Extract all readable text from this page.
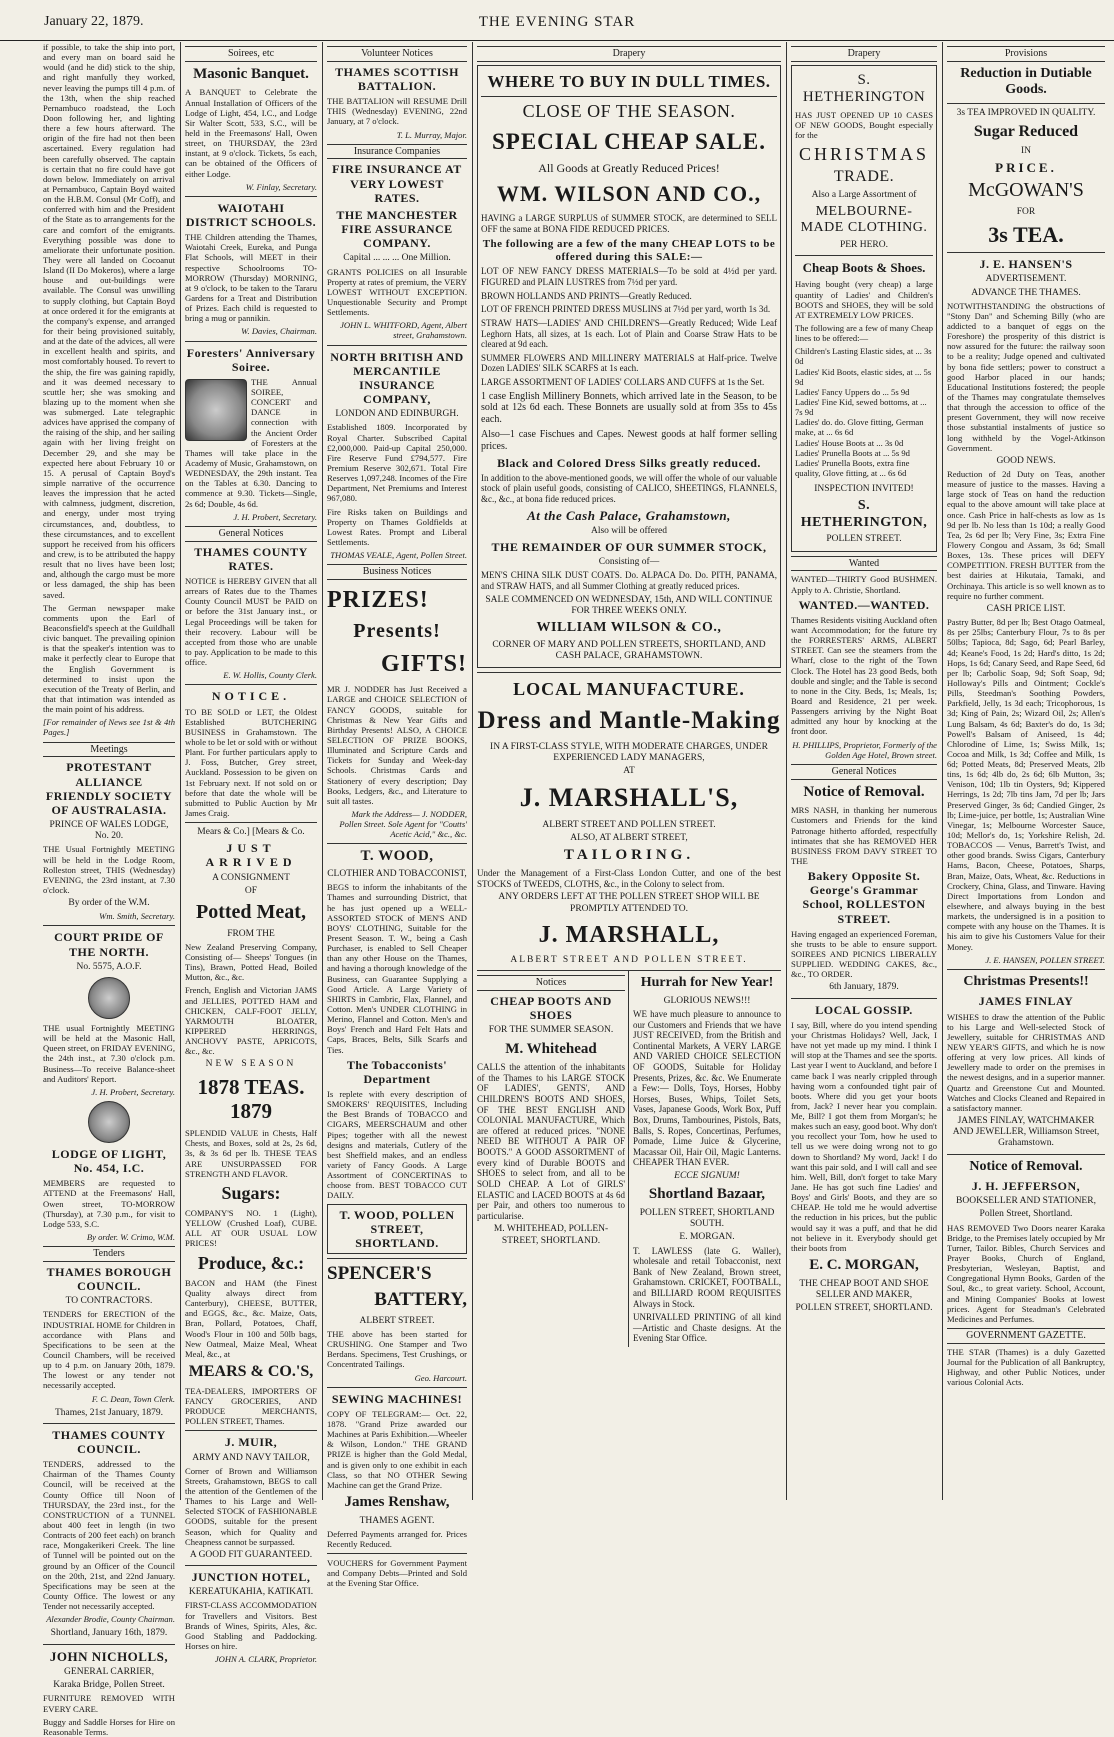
January 22, 1879.	THE EVENING STAR

if possible, to take the ship into port, and every man on board said he would (and he did) stick to the ship, and right manfully they worked, never leaving the pumps till 4 p.m. of the 13th, when the ship reached Pernambuco roadstead, the Loch Doon following her, and lighting there a few hours afterward. The origin of the fire had not then been ascertained. Every regulation had been carefully observed. The captain is certain that no fire could have got down below. Immediately on arrival at Pernambuco, Captain Boyd waited on the H.B.M. Consul (Mr Coff), and conferred with him and the President of the State as to arrangements for the care and comfort of the emigrants. Everything possible was done to ameliorate their unfortunate position. They were all landed on Cocoanut Island (II Do Mokeros), where a large house and out-buildings were available. The Consul was unwilling to supply clothing, but Captain Boyd at once ordered it for the emigrants at the company's expense, and arranged for their being provisioned suitably, and at the date of the advices, all were in excellent health and spirits, and most comfortably housed. To revert to the ship, the fire was gaining rapidly, and it was deemed necessary to scuttle her; she was smoking and blazing up to the moment when she was submerged. Late telegraphic advices have apprised the company of the raising of the ship, and her sailing again with her living freight on December 29, and she may be expected here about February 10 or 15. A perusal of Captain Boyd's simple narrative of the occurrence leaves the impression that he acted with calmness, judgment, discretion, and energy, under most trying circumstances, and, doubtless, to these circumstances, and to excellent support he received from his officers and crew, is to be attributed the happy result that no lives have been lost; and, although the cargo must be more or less damaged, the ship has been saved.

The German newspaper make comments upon the Earl of Beaconsfield's speech at the Guildhall civic banquet. The prevailing opinion is that the speaker's intention was to make it perfectly clear to Europe that the English Government is determined to insist upon the execution of the Treaty of Berlin, and that that intimation was intended as the main point of his address.

[For remainder of News see 1st & 4th Pages.]

Meetings
PROTESTANT ALLIANCE FRIENDLY SOCIETY OF AUSTRALASIA.
PRINCE OF WALES LODGE, No. 20.

THE Usual Fortnightly MEETING will be held in the Lodge Room, Rolleston street, THIS (Wednesday) EVENING, the 23rd instant, at 7.30 o'clock.

By order of the W.M.
Wm. Smith, Secretary.
COURT PRIDE OF THE NORTH.
No. 5575, A.O.F.

THE usual Fortnightly MEETING will be held at the Masonic Hall, Queen street, on FRIDAY EVENING, the 24th inst., at 7.30 o'clock p.m. Business—To receive Balance-sheet and Auditors' Report.

J. H. Probert, Secretary.
LODGE OF LIGHT, No. 454, I.C.

MEMBERS are requested to ATTEND at the Freemasons' Hall, Owen street, TO-MORROW (Thursday), at 7.30 p.m., for visit to Lodge 533, S.C.

By order. W. Crimo, W.M.
Tenders
THAMES BOROUGH COUNCIL.
TO CONTRACTORS.

TENDERS for ERECTION of the INDUSTRIAL HOME for Children in accordance with Plans and Specifications to be seen at the Council Chambers, will be received up to 4 p.m. on January 20th, 1879. The lowest or any tender not necessarily accepted.

F. C. Dean, Town Clerk.
Thames, 21st January, 1879.
THAMES COUNTY COUNCIL.

TENDERS, addressed to the Chairman of the Thames County Council, will be received at the County Office till Noon of THURSDAY, the 23rd inst., for the CONSTRUCTION of a TUNNEL about 400 feet in length (in two Contracts of 200 feet each) on branch race, Mongakerikeri Creek. The line of Tunnel will be pointed out on the ground by an Officer of the Council on the 20th, 21st, and 22nd January. Specifications may be seen at the County Office. The lowest or any Tender not necessarily accepted.

Alexander Brodie, County Chairman.
Shortland, January 16th, 1879.
JOHN NICHOLLS,
GENERAL CARRIER,
Karaka Bridge, Pollen Street.

FURNITURE REMOVED WITH EVERY CARE.

Buggy and Saddle Horses for Hire on Reasonable Terms.

Soirees, etc
Masonic Banquet.

A BANQUET to Celebrate the Annual Installation of Officers of the Lodge of Light, 454, I.C., and Lodge Sir Walter Scott, 533, S.C., will be held in the Freemasons' Hall, Owen street, on THURSDAY, the 23rd instant, at 9 o'clock. Tickets, 5s each, can be obtained of the Officers of either Lodge.

W. Finlay, Secretary.
WAIOTAHI DISTRICT SCHOOLS.

THE Children attending the Thames, Waiotahi Creek, Eureka, and Punga Flat Schools, will MEET in their respective Schoolrooms TO-MORROW (Thursday) MORNING, at 9 o'clock, to be taken to the Tararu Gardens for a Treat and Distribution of Prizes. Each child is requested to bring a mug or pannikin.

W. Davies, Chairman.
Foresters' Anniversary Soiree.

THE Annual SOIREE, CONCERT and DANCE in connection with the Ancient Order of Foresters at the Thames will take place in the Academy of Music, Grahamstown, on WEDNESDAY, the 29th instant. Tea on the Tables at 6.30. Dancing to commence at 9.30. Tickets—Single, 2s 6d; Double, 4s 6d.

J. H. Probert, Secretary.
General Notices
THAMES COUNTY RATES.

NOTICE is HEREBY GIVEN that all arrears of Rates due to the Thames County Council MUST be PAID on or before the 31st January inst., or Legal Proceedings will be taken for their recovery. Labour will be accepted from those who are unable to pay. Application to be made to this office.

E. W. Hollis, County Clerk.
NOTICE.

TO BE SOLD or LET, the Oldest Established BUTCHERING BUSINESS in Grahamstown. The whole to be let or sold with or without Plant. For further particulars apply to J. Foss, Butcher, Grey street, Auckland. Possession to be given on 1st February next. If not sold on or before that date the whole will be submitted to Public Auction by Mr James Craig.

Mears & Co.] [Mears & Co.
JUST ARRIVED
A CONSIGNMENT
OF
Potted Meat,
FROM THE

New Zealand Preserving Company, Consisting of— Sheeps' Tongues (in Tins), Brawn, Potted Head, Boiled Mutton, &c., &c.

French, English and Victorian JAMS and JELLIES, POTTED HAM and CHICKEN, CALF-FOOT JELLY, YARMOUTH BLOATER, KIPPERED HERRINGS, ANCHOVY PASTE, APRICOTS, &c., &c.

NEW SEASON
1878 TEAS. 1879

SPLENDID VALUE in Chests, Half Chests, and Boxes, sold at 2s, 2s 6d, 3s, & 3s 6d per lb. THESE TEAS ARE UNSURPASSED FOR STRENGTH AND FLAVOR.

Sugars:

COMPANY'S NO. 1 (Light), YELLOW (Crushed Loaf), CUBE. ALL AT OUR USUAL LOW PRICES!

Produce, &c.:

BACON and HAM (the Finest Quality always direct from Canterbury), CHEESE, BUTTER, and EGGS, &c., &c. Maize, Oats, Bran, Pollard, Potatoes, Chaff, Wood's Flour in 100 and 50lb bags, New Oatmeal, Maize Meal, Wheat Meal, &c., at

MEARS & CO.'S,

TEA-DEALERS, IMPORTERS OF FANCY GROCERIES, AND PRODUCE MERCHANTS, POLLEN STREET, Thames.

J. MUIR,
ARMY AND NAVY TAILOR,

Corner of Brown and Williamson Streets, Grahamstown, BEGS to call the attention of the Gentlemen of the Thames to his Large and Well-Selected STOCK of FASHIONABLE GOODS, suitable for the present Season, which for Quality and Cheapness cannot be surpassed.

A GOOD FIT GUARANTEED.
JUNCTION HOTEL,
KEREATUKAHIA, KATIKATI.

FIRST-CLASS ACCOMMODATION for Travellers and Visitors. Best Brands of Wines, Spirits, Ales, &c. Good Stabling and Paddocking. Horses on hire.

JOHN A. CLARK, Proprietor.
Volunteer Notices
THAMES SCOTTISH BATTALION.

THE BATTALION will RESUME Drill THIS (Wednesday) EVENING, 22nd January, at 7 o'clock.

T. L. Murray, Major.
Insurance Companies
FIRE INSURANCE AT VERY LOWEST RATES.
THE MANCHESTER FIRE ASSURANCE COMPANY.
Capital ... ... ... One Million.

GRANTS POLICIES on all Insurable Property at rates of premium, the VERY LOWEST WITHOUT EXCEPTION. Unquestionable Security and Prompt Settlements.

JOHN L. WHITFORD, Agent, Albert street, Grahamstown.
NORTH BRITISH AND MERCANTILE INSURANCE COMPANY,
LONDON AND EDINBURGH.

Established 1809. Incorporated by Royal Charter. Subscribed Capital £2,000,000. Paid-up Capital 250,000. Fire Reserve Fund £794,577. Fire Premium Reserve 302,671. Total Fire Reserves 1,097,248. Incomes of the Fire Department, Net Premiums and Interest 967,080.

Fire Risks taken on Buildings and Property on Thames Goldfields at Lowest Rates. Prompt and Liberal Settlements.

THOMAS VEALE, Agent, Pollen Street.
Business Notices
PRIZES!
Presents!
GIFTS!

MR J. NODDER has Just Received a LARGE and CHOICE SELECTION of FANCY GOODS, suitable for Christmas & New Year Gifts and Birthday Presents! ALSO, A CHOICE SELECTION OF PRIZE BOOKS, Illuminated and Scripture Cards and Tickets for Sunday and Week-day Schools. Christmas Cards and Stationery of every description; Day Books, Ledgers, &c., and Literature to suit all tastes.

Mark the Address— J. NODDER, Pollen Street. Sole Agent for "Coutts' Acetic Acid," &c., &c.
T. WOOD,
CLOTHIER AND TOBACCONIST,

BEGS to inform the inhabitants of the Thames and surrounding District, that he has just opened up a WELL-ASSORTED STOCK of MEN'S AND BOYS' CLOTHING, Suitable for the Present Season. T. W., being a Cash Purchaser, is enabled to Sell Cheaper than any other House on the Thames, and having a thorough knowledge of the Business, can Guarantee Supplying a Good Article. A Large Variety of SHIRTS in Cambric, Flax, Flannel, and Cotton. Men's UNDER CLOTHING in Merino, Flannel and Cotton. Men's and Boys' French and Hard Felt Hats and Caps, Braces, Belts, Silk Scarfs and Ties.

The Tobacconists' Department

Is replete with every description of SMOKERS' REQUISITES, Including the Best Brands of TOBACCO and CIGARS, MEERSCHAUM and other Pipes; together with all the newest designs and materials, Cutlery of the best Sheffield makes, and an endless variety of Fancy Goods. A Large Assortment of CONCERTINAS to choose from. BEST TOBACCO CUT DAILY.

T. WOOD, POLLEN STREET, SHORTLAND.
SPENCER'S
BATTERY,
ALBERT STREET.

THE above has been started for CRUSHING. One Stamper and Two Berdans. Specimens, Test Crushings, or Concentrated Tailings.

Geo. Harcourt.
SEWING MACHINES!

COPY OF TELEGRAM:— Oct. 22, 1878. "Grand Prize awarded our Machines at Paris Exhibition.—Wheeler & Wilson, London." THE GRAND PRIZE is higher than the Gold Medal, and is given only to one exhibit in each Class, so that NO OTHER Sewing Machine can get the Grand Prize.

James Renshaw,
THAMES AGENT.

Deferred Payments arranged for. Prices Recently Reduced.

VOUCHERS for Government Payment and Company Debts—Printed and Sold at the Evening Star Office.

Drapery
WHERE TO BUY IN DULL TIMES.
CLOSE OF THE SEASON.
SPECIAL CHEAP SALE.
All Goods at Greatly Reduced Prices!
WM. WILSON AND CO.,

HAVING a LARGE SURPLUS of SUMMER STOCK, are determined to SELL OFF the same at BONA FIDE REDUCED PRICES.

The following are a few of the many CHEAP LOTS to be offered during this SALE:—

LOT OF NEW FANCY DRESS MATERIALS—To be sold at 4½d per yard. FIGURED and PLAIN LUSTRES from 7½d per yard.

BROWN HOLLANDS AND PRINTS—Greatly Reduced.

LOT OF FRENCH PRINTED DRESS MUSLINS at 7½d per yard, worth 1s 3d.

STRAW HATS—LADIES' AND CHILDREN'S—Greatly Reduced; Wide Leaf Leghorn Hats, all sizes, at 1s each. Lot of Plain and Coarse Straw Hats to be cleared at 9d each.

SUMMER FLOWERS AND MILLINERY MATERIALS at Half-price. Twelve Dozen LADIES' SILK SCARFS at 1s each.

LARGE ASSORTMENT OF LADIES' COLLARS AND CUFFS at 1s the Set.

1 case English Millinery Bonnets, which arrived late in the Season, to be sold at 12s 6d each. These Bonnets are usually sold at from 35s to 45s each.

Also—1 case Fischues and Capes. Newest goods at half former selling prices.

Black and Colored Dress Silks greatly reduced.

In addition to the above-mentioned goods, we will offer the whole of our valuable stock of plain useful goods, consisting of CALICO, SHEETINGS, FLANNELS, &c., &c., at bona fide reduced prices.

At the Cash Palace, Grahamstown,
Also will be offered
THE REMAINDER OF OUR SUMMER STOCK,
Consisting of—

MEN'S CHINA SILK DUST COATS. Do. ALPACA Do. Do. PITH, PANAMA, and STRAW HATS, and all Summer Clothing at greatly reduced prices.

SALE COMMENCED ON WEDNESDAY, 15th, AND WILL CONTINUE FOR THREE WEEKS ONLY.
WILLIAM WILSON & CO.,
CORNER OF MARY AND POLLEN STREETS, SHORTLAND, AND CASH PALACE, GRAHAMSTOWN.
LOCAL MANUFACTURE.
Dress and Mantle-Making
IN A FIRST-CLASS STYLE, WITH MODERATE CHARGES, UNDER EXPERIENCED LADY MANAGERS,
AT
J. MARSHALL'S,
ALBERT STREET AND POLLEN STREET.
ALSO, AT ALBERT STREET,
TAILORING.

Under the Management of a First-Class London Cutter, and one of the best STOCKS of TWEEDS, CLOTHS, &c., in the Colony to select from.

ANY ORDERS LEFT AT THE POLLEN STREET SHOP WILL BE PROMPTLY ATTENDED TO.
J. MARSHALL,
ALBERT STREET AND POLLEN STREET.
Notices
CHEAP BOOTS AND SHOES
FOR THE SUMMER SEASON.
M. Whitehead

CALLS the attention of the inhabitants of the Thames to his LARGE STOCK OF LADIES', GENTS', AND CHILDREN'S BOOTS AND SHOES, OF THE BEST ENGLISH AND COLONIAL MANUFACTURE, Which are offered at reduced prices. "NONE NEED BE WITHOUT A PAIR OF BOOTS." A GOOD ASSORTMENT of every kind of Durable BOOTS and SHOES to select from, and all to be SOLD CHEAP. A Lot of GIRLS' ELASTIC and LACED BOOTS at 4s 6d per Pair, and others too numerous to particularise.

M. WHITEHEAD, POLLEN-STREET, SHORTLAND.
Hurrah for New Year!
GLORIOUS NEWS!!!

WE have much pleasure to announce to our Customers and Friends that we have JUST RECEIVED, from the British and Continental Markets, A VERY LARGE AND VARIED CHOICE SELECTION OF GOODS, Suitable for Holiday Presents, Prizes, &c. &c. We Enumerate a Few:— Dolls, Toys, Horses, Hobby Horses, Buses, Whips, Toilet Sets, Vases, Japanese Goods, Work Box, Puff Box, Drums, Tambourines, Pistols, Bats, Balls, S. Ropes, Concertinas, Perfumes, Pomade, Lime Juice & Glycerine, Macassar Oil, Hair Oil, Magic Lanterns. CHEAPER THAN EVER.

ECCE SIGNUM!
Shortland Bazaar,
POLLEN STREET, SHORTLAND SOUTH.
E. MORGAN.

T. LAWLESS (late G. Waller), wholesale and retail Tobacconist, next Bank of New Zealand, Brown street, Grahamstown. CRICKET, FOOTBALL, and BILLIARD ROOM REQUISITES Always in Stock.

UNRIVALLED PRINTING of all kind —Artistic and Chaste designs. At the Evening Star Office.

Drapery
S. HETHERINGTON

HAS JUST OPENED UP 10 CASES OF NEW GOODS, Bought especially for the

CHRISTMAS
TRADE.
Also a Large Assortment of
MELBOURNE-MADE CLOTHING.
PER HERO.
Cheap Boots & Shoes.

Having bought (very cheap) a large quantity of Ladies' and Children's BOOTS and SHOES, they will be sold AT EXTREMELY LOW PRICES.

The following are a few of many Cheap lines to be offered:—

Children's Lasting Elastic sides, at ... 3s 0d
Ladies' Kid Boots, elastic sides, at ... 5s 9d
Ladies' Fancy Uppers do ... 5s 9d
Ladies' Fine Kid, sewed bottoms, at ... 7s 9d
Ladies' do. do. Glove fitting, German make, at ... 6s 6d
Ladies' House Boots at ... 3s 0d
Ladies' Prunella Boots at ... 5s 9d
Ladies' Prunella Boots, extra fine quality, Glove fitting, at ... 6s 6d
INSPECTION INVITED!
S. HETHERINGTON,
POLLEN STREET.
Wanted

WANTED—THIRTY Good BUSHMEN. Apply to A. Christie, Shortland.

WANTED.—WANTED.

Thames Residents visiting Auckland often want Accommodation; for the future try the FORRESTERS' ARMS, ALBERT STREET. Can see the steamers from the Wharf, close to the right of the Town Clock. The Hotel has 23 good Beds, both double and single; and the Table is second to none in the City. Beds, 1s; Meals, 1s; Board and Residence, 21 per week. Passengers arriving by the Night Boat admitted any hour by knocking at the front door.

H. PHILLIPS, Proprietor, Formerly of the Golden Age Hotel, Brown street.
General Notices
Notice of Removal.

MRS NASH, in thanking her numerous Customers and Friends for the kind Patronage hitherto afforded, respectfully intimates that she has REMOVED HER BUSINESS FROM DAVY STREET TO THE

Bakery Opposite St. George's Grammar School, ROLLESTON STREET.

Having engaged an experienced Foreman, she trusts to be able to ensure support. SOIREES AND PICNICS LIBERALLY SUPPLIED. WEDDING CAKES, &c., &c., TO ORDER.

6th January, 1879.
LOCAL GOSSIP.

I say, Bill, where do you intend spending your Christmas Holidays? Well, Jack, I have not yet made up my mind. I think I will stop at the Thames and see the sports. Last year I went to Auckland, and before I came back I was nearly crippled through having worn a confounded tight pair of boots. Where did you get your boots from, Jack? I never hear you complain. Me, Bill? I got them from Morgan's; he makes such an easy, good boot. Why don't you recollect your Tom, how he used to tell us we were doing wrong not to go down to Shortland? My word, Jack! I do want this pair sold, and I will call and see him. Well, Bill, don't forget to take Mary Jane. He has got such fine Ladies' and Boys' and Girls' Boots, and they are so CHEAP. He told me he would advertise the reduction in his prices, but the public would say it was a puff, and that he did not believe in it. Everybody should get their boots from

E. C. MORGAN,
THE CHEAP BOOT AND SHOE SELLER AND MAKER,
POLLEN STREET, SHORTLAND.
Provisions
Reduction in Dutiable Goods.
3s TEA IMPROVED IN QUALITY.
Sugar Reduced
IN
PRICE.
McGOWAN'S
FOR
3s TEA.
J. E. HANSEN'S
ADVERTISEMENT.
ADVANCE THE THAMES.

NOTWITHSTANDING the obstructions of "Stony Dan" and Scheming Billy (who are addicted to a banquet of eggs on the Foreshore) the prosperity of this district is now assured for the future: the railway soon to be a reality; Judge opened and cultivated by bona fide settlers; power to construct a good Harbor placed in our hands; Educational Institutions fostered; the people of the Thames may congratulate themselves that through the accession to office of the present Government, they will now receive those substantial instalments of justice so long withheld by the Vogel-Atkinson Government.

GOOD NEWS.

Reduction of 2d Duty on Teas, another measure of justice to the masses. Having a large stock of Teas on hand the reduction equal to the above amount will take place at once. Cash Price in half-chests as low as 1s 9d per lb. No less than 1s 10d; a really Good Tea, 2s 6d per lb; Very Fine, 3s; Extra Fine Flowery Congou and Assam, 3s 6d; Small Boxes, 13s. These prices will DEFY COMPETITION. FRESH BUTTER from the best dairies at Hikutaia, Tamaki, and Orchinaya. This article is so well known as to require no further comment.

CASH PRICE LIST.

Pastry Butter, 8d per lb; Best Otago Oatmeal, 8s per 25lbs; Canterbury Flour, 7s to 8s per 50lbs; Tapioca, 8d; Sago, 6d; Pearl Barley, 4d; Keane's Food, 1s 2d; Hard's ditto, 1s 2d; Hops, 1s 6d; Canary Seed, and Rape Seed, 6d per lb; Carbolic Soap, 9d; Soft Soap, 9d; Holloway's Pills and Ointment; Cockle's Pills, Steedman's Soothing Powders, Parkfield, Jelly, 1s 3d each; Tricophorous, 1s 3d; King of Pain, 2s; Wizard Oil, 2s; Allen's Lung Balsam, 4s 6d; Baxter's do do, 1s 3d; Powell's Balsam of Aniseed, 1s 4d; Chlorodine of Lime, 1s; Swiss Milk, 1s; Cocoa and Milk, 1s 3d; Coffee and Milk, 1s 6d; Potted Meats, 8d; Preserved Meats, 2lb tins, 1s 6d; 4lb do, 2s 6d; 6lb Mutton, 3s; Venison, 10d; 1lb tin Oysters, 9d; Kippered Herrings, 1s 2d; 7lb tins Jam, 7d per lb; Jars Preserved Ginger, 3s 6d; Candied Ginger, 2s lb; Lime-juice, per bottle, 1s; Australian Wine Vinegar, 1s; Melbourne Worcester Sauce, 10d; Mellor's do, 1s; Yorkshire Relish, 2d. TOBACCOS — Venus, Barrett's Twist, and other good brands. Swiss Cigars, Canterbury Hams, Bacon, Cheese, Potatoes, Sharps, Bran, Maize, Oats, Wheat, &c. Reductions in Crockery, China, Glass, and Tinware. Having Direct Importations from London and elsewhere, and always buying in the best markets, the undersigned is in a position to compete with any house on the Thames. It is his aim to give his Customers Value for their Money.

J. E. HANSEN, POLLEN STREET.
Christmas Presents!!
JAMES FINLAY

WISHES to draw the attention of the Public to his Large and Well-selected Stock of Jewellery, suitable for CHRISTMAS AND NEW YEAR'S GIFTS, and which he is now offering at very low prices. All kinds of Jewellery made to order on the premises in the newest designs, and in a superior manner. Quartz and Greenstone Cut and Mounted. Watches and Clocks Cleaned and Repaired in a satisfactory manner.

JAMES FINLAY, WATCHMAKER AND JEWELLER, Williamson Street, Grahamstown.
Notice of Removal.
J. H. JEFFERSON,
BOOKSELLER AND STATIONER,
Pollen Street, Shortland.

HAS REMOVED Two Doors nearer Karaka Bridge, to the Premises lately occupied by Mr Turner, Tailor. Bibles, Church Services and Prayer Books, Church of England, Presbyterian, Wesleyan, Baptist, and Congregational Hymn Books, Garden of the Soul, &c., to great variety. School, Account, and Mining Companies' Books at lowest prices. Agent for Steadman's Celebrated Medicines and Perfumes.

GOVERNMENT GAZETTE.

THE STAR (Thames) is a duly Gazetted Journal for the Publication of all Bankruptcy, Highway, and other Public Notices, under various Colonial Acts.
